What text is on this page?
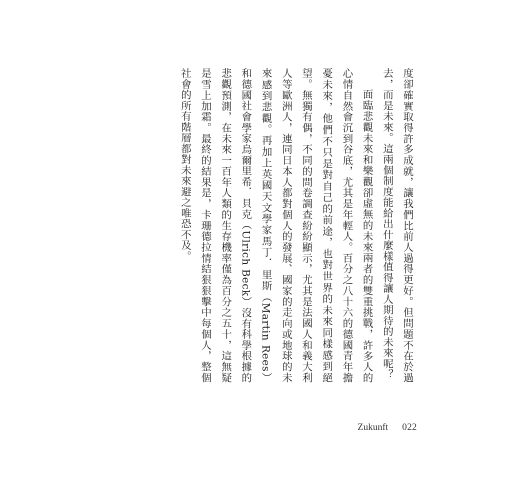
度卻確實取得許多成就，讓我們比前人過得更好。但問題不在於過去，而是未來。這兩個制度能給出什麼樣值得讓人期待的未來呢？

面臨悲觀未來和樂觀卻虛無的未來兩者的雙重挑戰，許多人的心情自然會沉到谷底，尤其是年輕人。百分之八十六的德國青年擔憂未來，他們不只是對自己的前途，也對世界的未來同樣感到絕望。無獨有偶，不同的問卷調查紛紛顯示，尤其是法國人和義大利人等歐洲人，連同日本人都對個人的發展、國家的走向或地球的未來感到悲觀。再加上英國天文學家馬丁．里斯（Martin Rees）和德國社會學家烏爾里希．貝克（Ulrich Beck）沒有科學根據的悲觀預測，在未來一百年人類的生存機率僅為百分之五十，這無疑是雪上加霜。最終的結果是，卡珊德拉情結狠狠擊中每個人，整個社會的所有階層都對未來避之唯恐不及。

Zukunft 022
